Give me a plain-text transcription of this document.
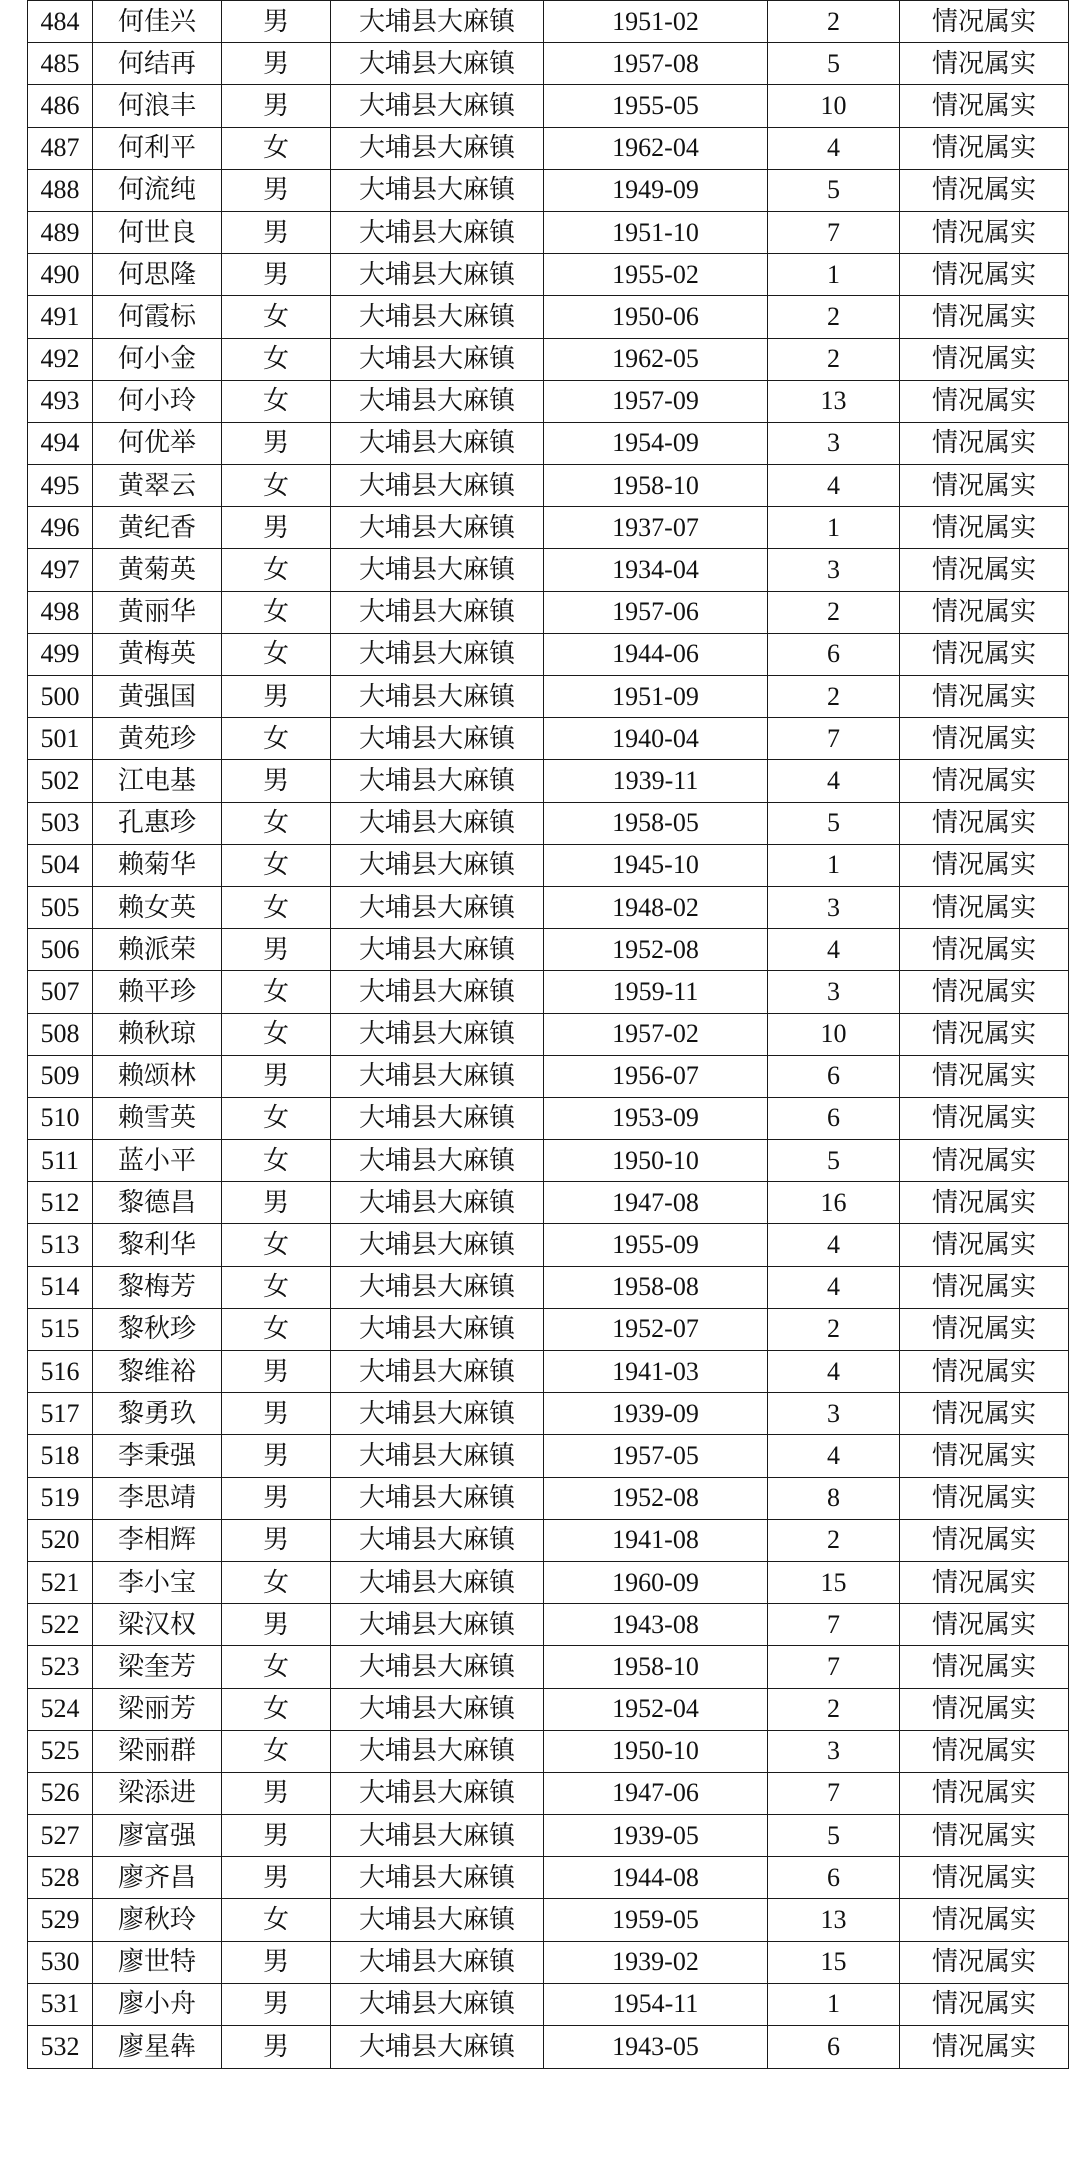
484	何佳兴	男	大埔县大麻镇	1951-02	2	情况属实
485	何结再	男	大埔县大麻镇	1957-08	5	情况属实
486	何浪丰	男	大埔县大麻镇	1955-05	10	情况属实
487	何利平	女	大埔县大麻镇	1962-04	4	情况属实
488	何流纯	男	大埔县大麻镇	1949-09	5	情况属实
489	何世良	男	大埔县大麻镇	1951-10	7	情况属实
490	何思隆	男	大埔县大麻镇	1955-02	1	情况属实
491	何霞标	女	大埔县大麻镇	1950-06	2	情况属实
492	何小金	女	大埔县大麻镇	1962-05	2	情况属实
493	何小玲	女	大埔县大麻镇	1957-09	13	情况属实
494	何优举	男	大埔县大麻镇	1954-09	3	情况属实
495	黄翠云	女	大埔县大麻镇	1958-10	4	情况属实
496	黄纪香	男	大埔县大麻镇	1937-07	1	情况属实
497	黄菊英	女	大埔县大麻镇	1934-04	3	情况属实
498	黄丽华	女	大埔县大麻镇	1957-06	2	情况属实
499	黄梅英	女	大埔县大麻镇	1944-06	6	情况属实
500	黄强国	男	大埔县大麻镇	1951-09	2	情况属实
501	黄苑珍	女	大埔县大麻镇	1940-04	7	情况属实
502	江电基	男	大埔县大麻镇	1939-11	4	情况属实
503	孔惠珍	女	大埔县大麻镇	1958-05	5	情况属实
504	赖菊华	女	大埔县大麻镇	1945-10	1	情况属实
505	赖女英	女	大埔县大麻镇	1948-02	3	情况属实
506	赖派荣	男	大埔县大麻镇	1952-08	4	情况属实
507	赖平珍	女	大埔县大麻镇	1959-11	3	情况属实
508	赖秋琼	女	大埔县大麻镇	1957-02	10	情况属实
509	赖颂林	男	大埔县大麻镇	1956-07	6	情况属实
510	赖雪英	女	大埔县大麻镇	1953-09	6	情况属实
511	蓝小平	女	大埔县大麻镇	1950-10	5	情况属实
512	黎德昌	男	大埔县大麻镇	1947-08	16	情况属实
513	黎利华	女	大埔县大麻镇	1955-09	4	情况属实
514	黎梅芳	女	大埔县大麻镇	1958-08	4	情况属实
515	黎秋珍	女	大埔县大麻镇	1952-07	2	情况属实
516	黎维裕	男	大埔县大麻镇	1941-03	4	情况属实
517	黎勇玖	男	大埔县大麻镇	1939-09	3	情况属实
518	李秉强	男	大埔县大麻镇	1957-05	4	情况属实
519	李思靖	男	大埔县大麻镇	1952-08	8	情况属实
520	李相辉	男	大埔县大麻镇	1941-08	2	情况属实
521	李小宝	女	大埔县大麻镇	1960-09	15	情况属实
522	梁汉权	男	大埔县大麻镇	1943-08	7	情况属实
523	梁奎芳	女	大埔县大麻镇	1958-10	7	情况属实
524	梁丽芳	女	大埔县大麻镇	1952-04	2	情况属实
525	梁丽群	女	大埔县大麻镇	1950-10	3	情况属实
526	梁添进	男	大埔县大麻镇	1947-06	7	情况属实
527	廖富强	男	大埔县大麻镇	1939-05	5	情况属实
528	廖齐昌	男	大埔县大麻镇	1944-08	6	情况属实
529	廖秋玲	女	大埔县大麻镇	1959-05	13	情况属实
530	廖世特	男	大埔县大麻镇	1939-02	15	情况属实
531	廖小舟	男	大埔县大麻镇	1954-11	1	情况属实
532	廖星犇	男	大埔县大麻镇	1943-05	6	情况属实
